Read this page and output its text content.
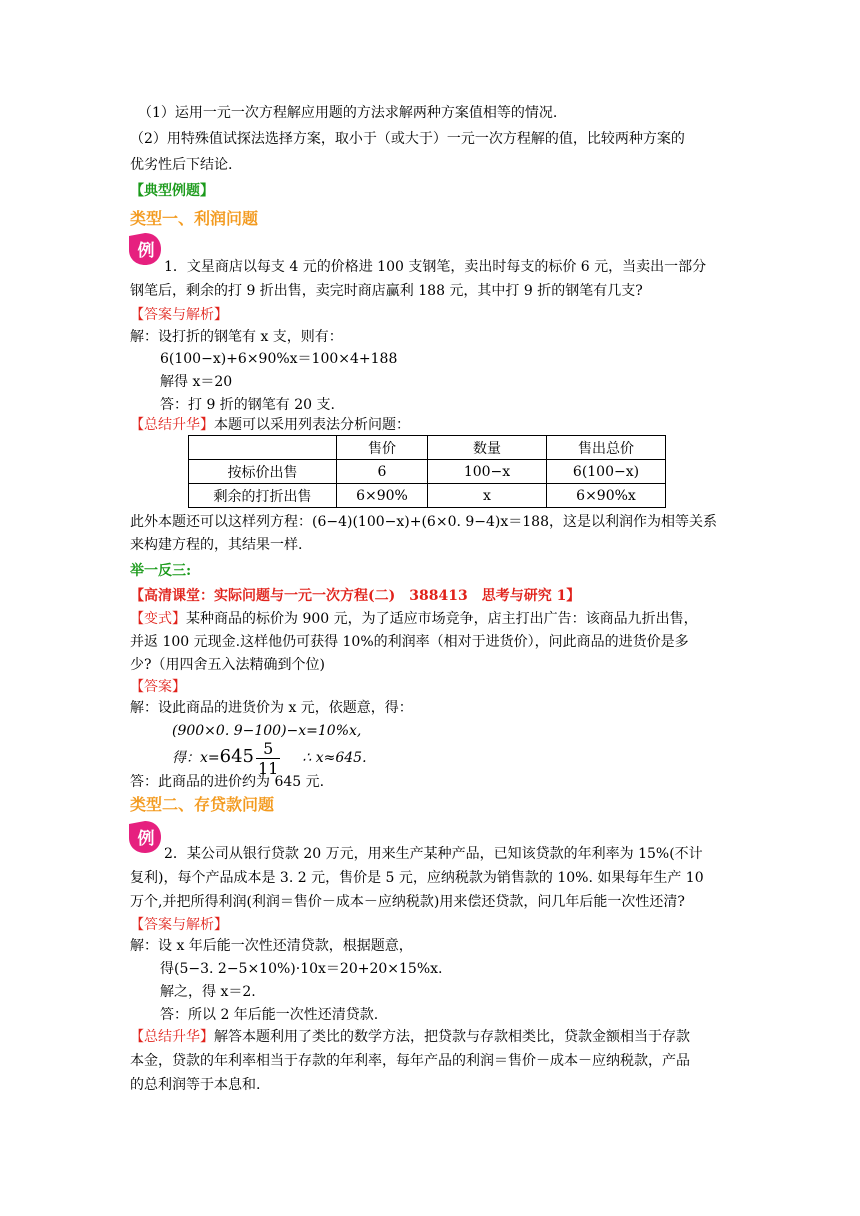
（1）运用一元一次方程解应用题的方法求解两种方案值相等的情况.
（2）用特殊值试探法选择方案，取小于（或大于）一元一次方程解的值，比较两种方案的
优劣性后下结论.
【典型例题】
类型一、利润问题
例
1．文星商店以每支 4 元的价格进 100 支钢笔，卖出时每支的标价 6 元，当卖出一部分
钢笔后，剩余的打 9 折出售，卖完时商店赢利 188 元，其中打 9 折的钢笔有几支?
【答案与解析】
解：设打折的钢笔有 x 支，则有：
6(100−x)+6×90%x＝100×4+188
解得 x＝20
答：打 9 折的钢笔有 20 支.
【总结升华】本题可以采用列表法分析问题：
	售价	数量	售出总价
按标价出售	6	100−x	6(100−x)
剩余的打折出售	6×90%	x	6×90%x
此外本题还可以这样列方程：(6−4)(100−x)+(6×0. 9−4)x＝188，这是以利润作为相等关系
来构建方程的，其结果一样.
举一反三:
【高清课堂：实际问题与一元一次方程(二)　388413　思考与研究 1】
【变式】某种商品的标价为 900 元，为了适应市场竞争，店主打出广告：该商品九折出售，
并返 100 元现金.这样他仍可获得 10%的利润率（相对于进货价），问此商品的进货价是多
少?（用四舍五入法精确到个位)
【答案】
解：设此商品的进货价为 x 元，依题意，得：
(900×0. 9−100)−x=10%x,
得：$x=645 \frac{5}{11}$ ∴ x≈645.
答：此商品的进价约为 645 元.
类型二、存贷款问题
例
2．某公司从银行贷款 20 万元，用来生产某种产品，已知该贷款的年利率为 15%(不计
复利)，每个产品成本是 3. 2 元，售价是 5 元，应纳税款为销售款的 10%. 如果每年生产 10
万个,并把所得利润(利润＝售价－成本－应纳税款)用来偿还贷款，问几年后能一次性还清?
【答案与解析】
解：设 x 年后能一次性还清贷款，根据题意，
得(5−3. 2−5×10%)·10x＝20+20×15%x.
解之，得 x＝2.
答：所以 2 年后能一次性还清贷款.
【总结升华】解答本题利用了类比的数学方法，把贷款与存款相类比，贷款金额相当于存款
本金，贷款的年利率相当于存款的年利率，每年产品的利润＝售价－成本－应纳税款，产品
的总利润等于本息和.
